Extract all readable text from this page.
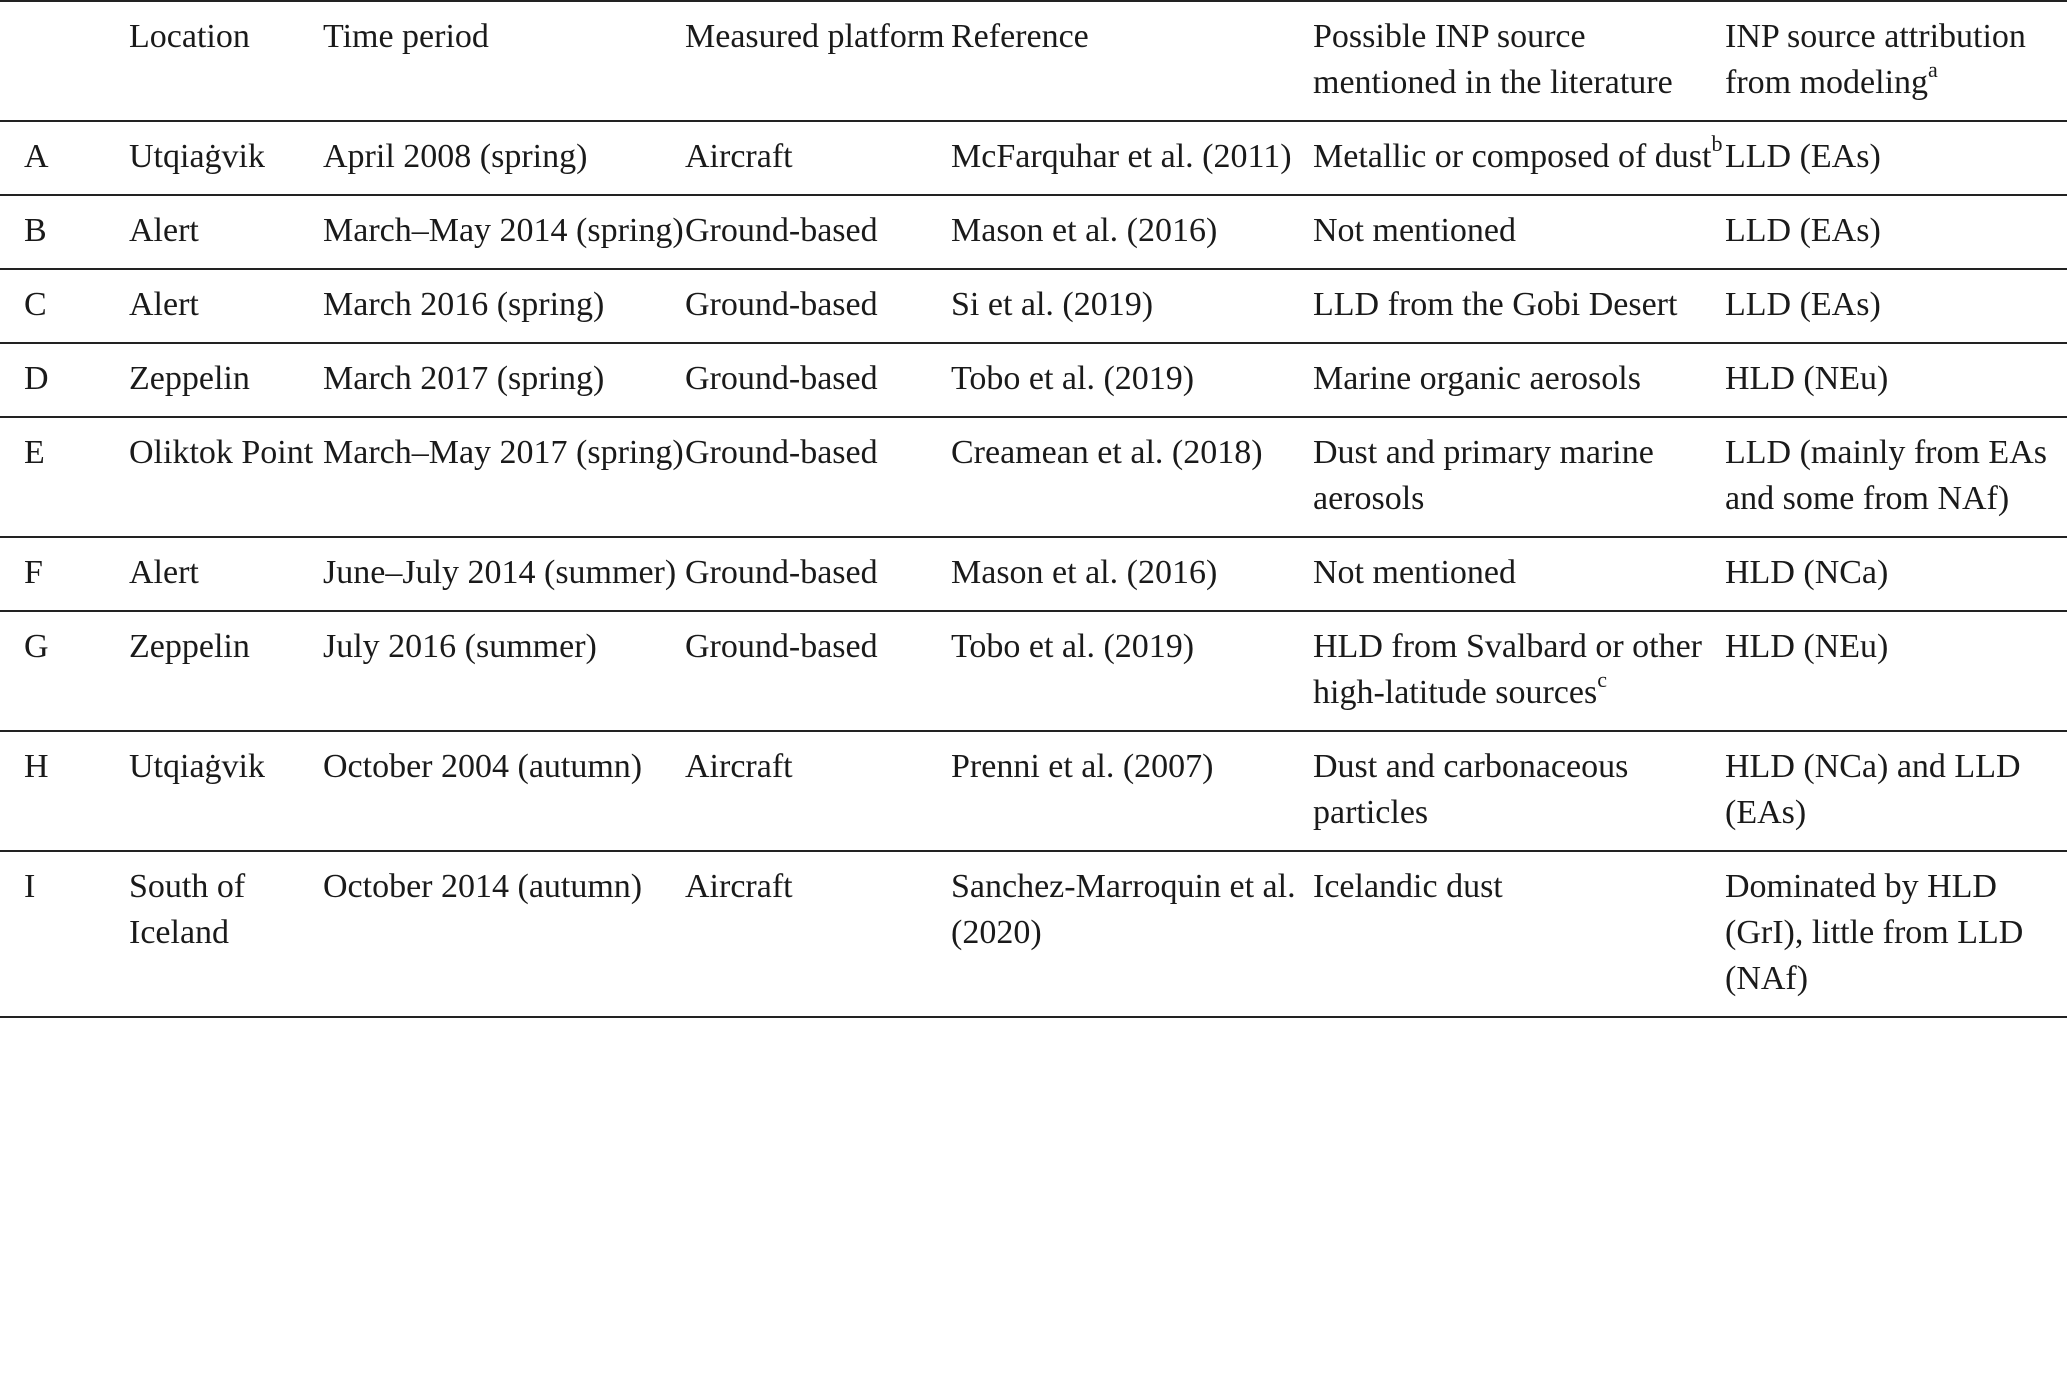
	Location	Time period	Measured platform	Reference	Possible INP source mentioned in the literature	INP source attribution from modeling$^a$
A	Utqiaġvik	April 2008 (spring)	Aircraft	McFarquhar et al. (2011)	Metallic or composed of dust$^b$	LLD (EAs)
B	Alert	March–May 2014 (spring)	Ground-based	Mason et al. (2016)	Not mentioned	LLD (EAs)
C	Alert	March 2016 (spring)	Ground-based	Si et al. (2019)	LLD from the Gobi Desert	LLD (EAs)
D	Zeppelin	March 2017 (spring)	Ground-based	Tobo et al. (2019)	Marine organic aerosols	HLD (NEu)
E	Oliktok Point	March–May 2017 (spring)	Ground-based	Creamean et al. (2018)	Dust and primary marine aerosols	LLD (mainly from EAs and some from NAf)
F	Alert	June–July 2014 (summer)	Ground-based	Mason et al. (2016)	Not mentioned	HLD (NCa)
G	Zeppelin	July 2016 (summer)	Ground-based	Tobo et al. (2019)	HLD from Svalbard or other high-latitude sources$^c$	HLD (NEu)
H	Utqiaġvik	October 2004 (autumn)	Aircraft	Prenni et al. (2007)	Dust and carbonaceous particles	HLD (NCa) and LLD (EAs)
I	South of Iceland	October 2014 (autumn)	Aircraft	Sanchez-Marroquin et al. (2020)	Icelandic dust	Dominated by HLD (GrI), little from LLD (NAf)
